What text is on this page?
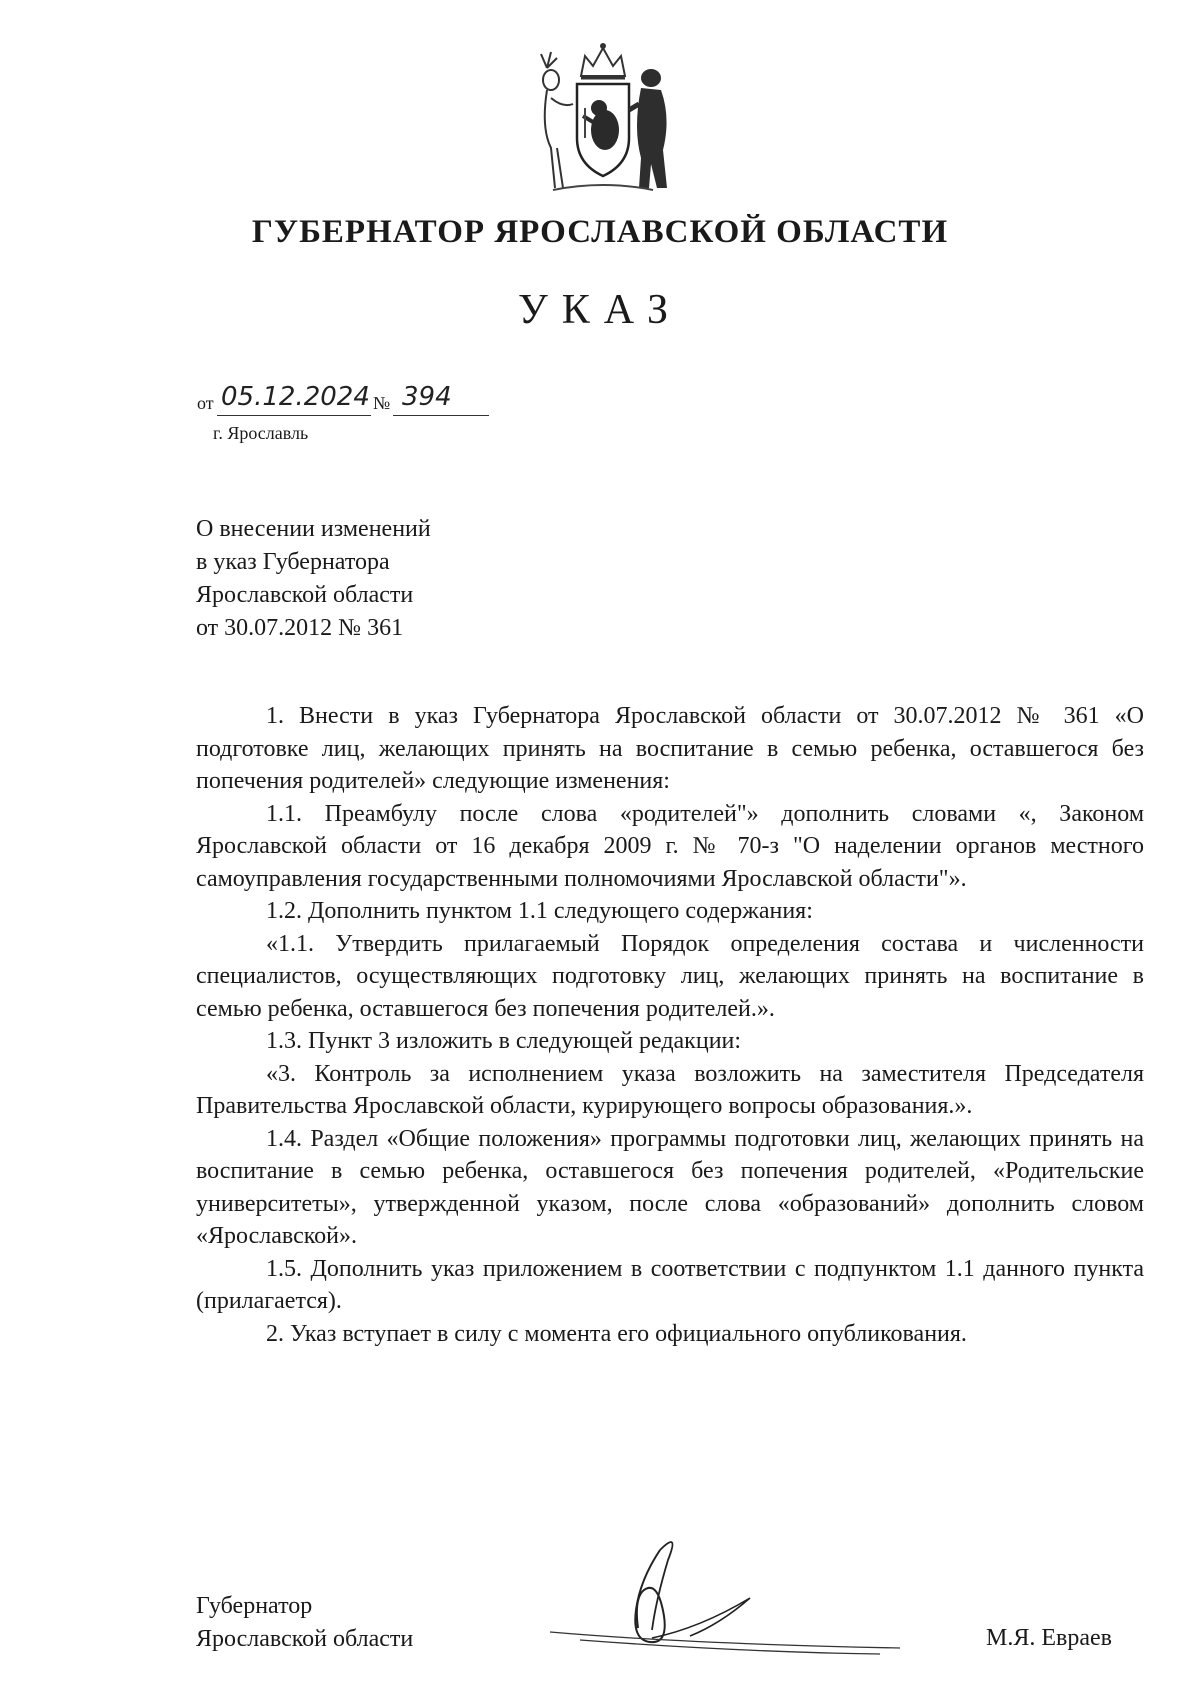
ГУБЕРНАТОР ЯРОСЛАВСКОЙ ОБЛАСТИ
УКАЗ
от 05.12.2024 № 394
г. Ярославль
О внесении изменений
в указ Губернатора
Ярославской области
от 30.07.2012 № 361

1. Внести в указ Губернатора Ярославской области от 30.07.2012 № 361 «О подготовке лиц, желающих принять на воспитание в семью ребенка, оставшегося без попечения родителей» следующие изменения:

1.1. Преамбулу после слова «родителей"» дополнить словами «, Законом Ярославской области от 16 декабря 2009 г. № 70-з "О наделении органов местного самоуправления государственными полномочиями Ярославской области"».

1.2. Дополнить пунктом 1.1 следующего содержания:

«1.1. Утвердить прилагаемый Порядок определения состава и численности специалистов, осуществляющих подготовку лиц, желающих принять на воспитание в семью ребенка, оставшегося без попечения родителей.».

1.3. Пункт 3 изложить в следующей редакции:

«3. Контроль за исполнением указа возложить на заместителя Председателя Правительства Ярославской области, курирующего вопросы образования.».

1.4. Раздел «Общие положения» программы подготовки лиц, желающих принять на воспитание в семью ребенка, оставшегося без попечения родителей, «Родительские университеты», утвержденной указом, после слова «образований» дополнить словом «Ярославской».

1.5. Дополнить указ приложением в соответствии с подпунктом 1.1 данного пункта (прилагается).

2. Указ вступает в силу с момента его официального опубликования.

Губернатор
Ярославской области	М.Я. Евраев
